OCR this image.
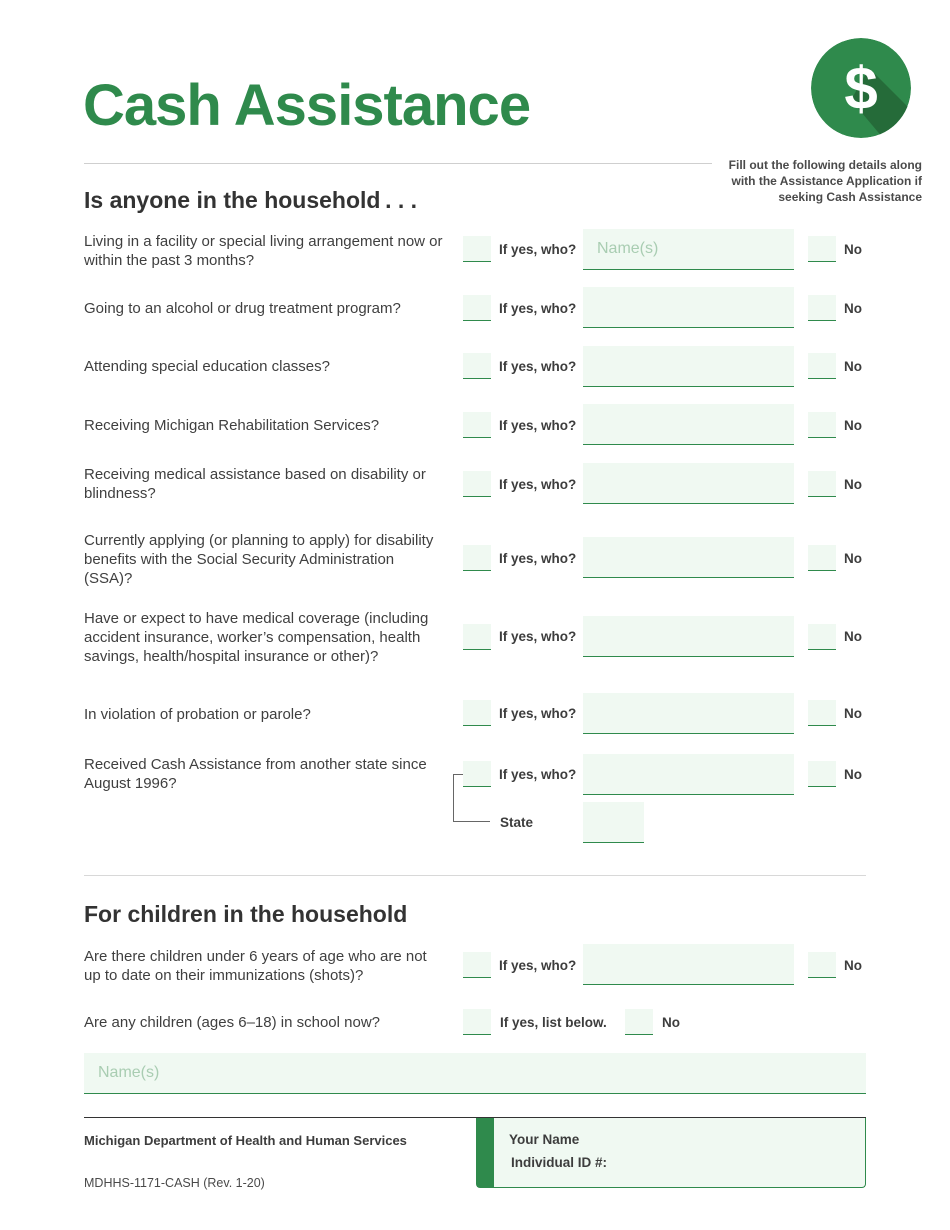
Cash Assistance	$
Fill out the following details along with the Assistance Application if seeking Cash Assistance
Is anyone in the household . . .
Living in a facility or special living arrangement now or within the past 3 months?
If yes, who? Name(s)	No
Going to an alcohol or drug treatment program?	If yes, who?	No
Attending special education classes?	If yes, who?	No
Receiving Michigan Rehabilitation Services?	If yes, who?	No
Receiving medical assistance based on disability or blindness?
If yes, who?	No
Currently applying (or planning to apply) for disability benefits with the Social Security Administration (SSA)?
If yes, who?	No
Have or expect to have medical coverage (including accident insurance, worker’s compensation, health savings, health/hospital insurance or other)?
If yes, who?	No
In violation of probation or parole?	If yes, who?	No
Received Cash Assistance from another state since August 1996?
If yes, who?	No
State
For children in the household
Are there children under 6 years of age who are not up to date on their immunizations (shots)?
If yes, who?	No
Are any children (ages 6–18) in school now?	If yes, list below.	No
Name(s)
Michigan Department of Health and Human Services
MDHHS-1171-CASH (Rev. 1-20)
Your Name
Individual ID #:
